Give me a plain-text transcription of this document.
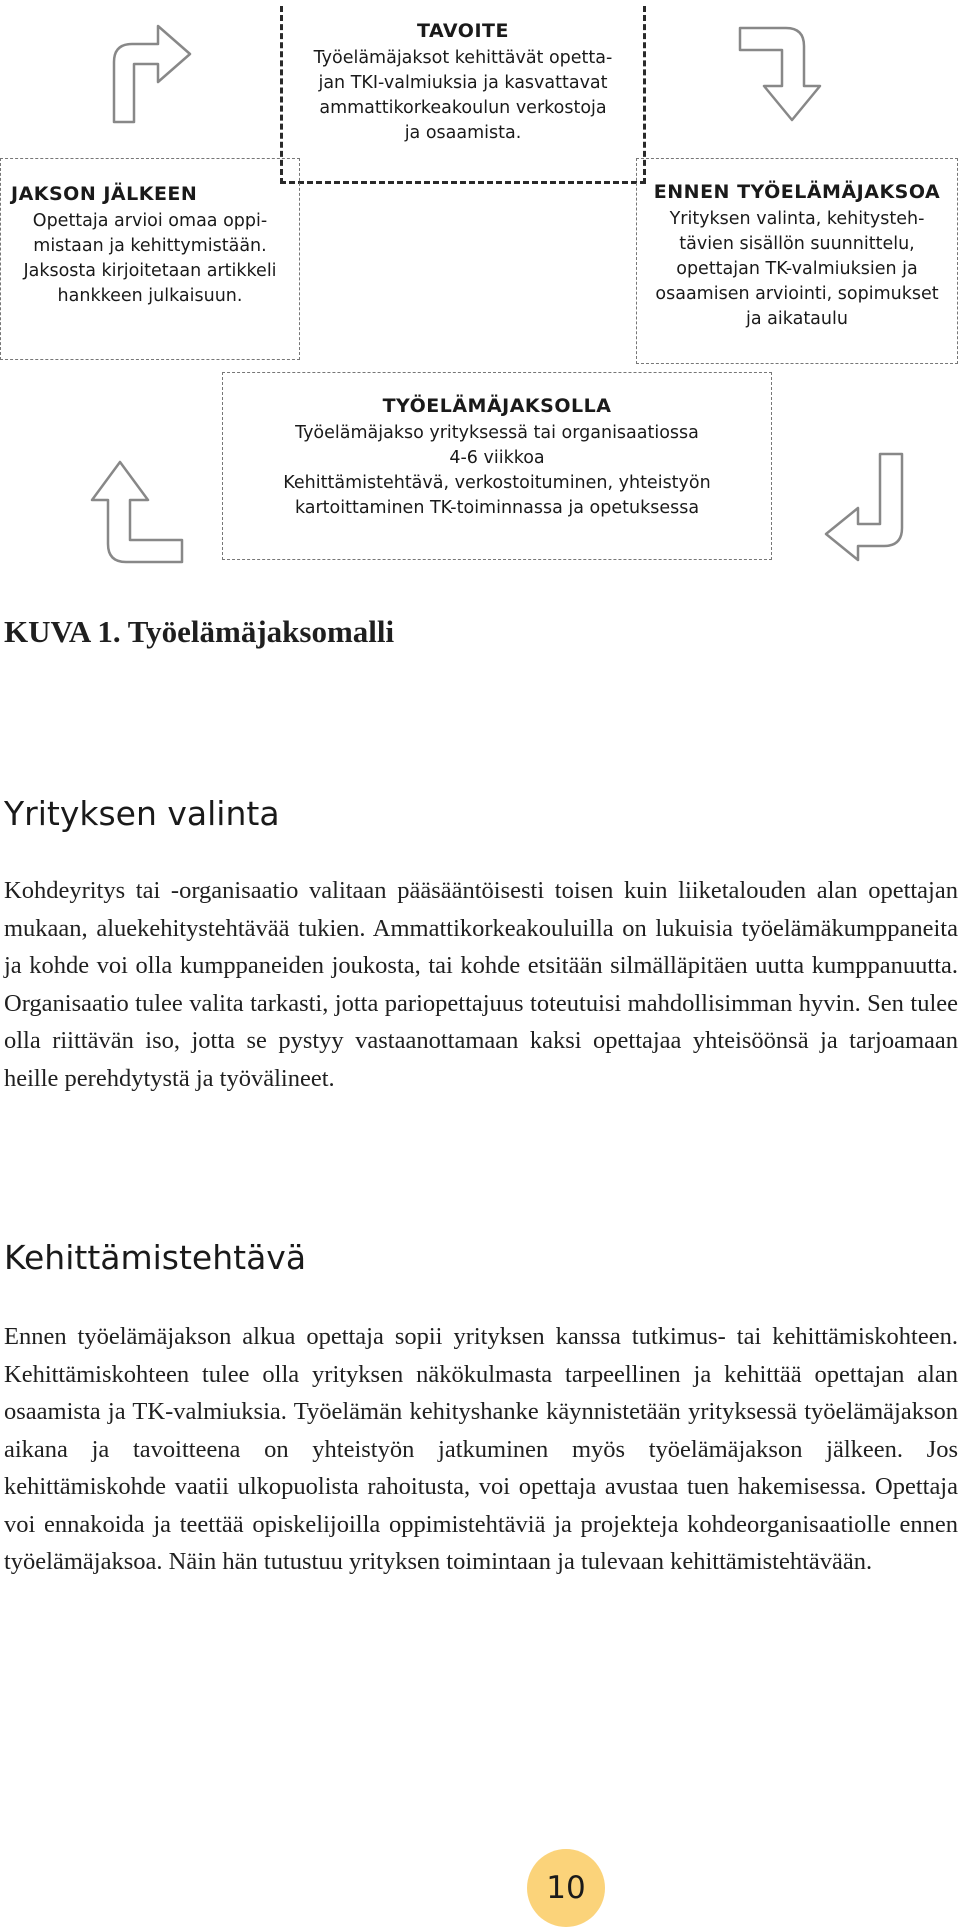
TAVOITE
Työelämäjaksot kehittävät opetta-
jan TKI-valmiuksia ja kasvattavat
ammattikorkeakoulun verkostoja
ja osaamista.
JAKSON JÄLKEEN
Opettaja arvioi omaa oppi-
mistaan ja kehittymistään.
Jaksosta kirjoitetaan artikkeli
hankkeen julkaisuun.
ENNEN TYÖELÄMÄJAKSOA
Yrityksen valinta, kehitysteh-
tävien sisällön suunnittelu,
opettajan TK-valmiuksien ja
osaamisen arviointi, sopimukset
ja aikataulu
TYÖELÄMÄJAKSOLLA
Työelämäjakso yrityksessä tai organisaatiossa
4-6 viikkoa
Kehittämistehtävä, verkostoituminen, yhteistyön
kartoittaminen TK-toiminnassa ja opetuksessa
KUVA 1. Työelämäjaksomalli
Yrityksen valinta

Kohdeyritys tai -organisaatio valitaan pääsääntöisesti toisen kuin liiketalouden alan opettajan mukaan, aluekehitystehtävää tukien. Ammattikorkeakouluilla on lukuisia työelämäkumppaneita ja kohde voi olla kumppaneiden joukosta, tai kohde etsitään silmälläpitäen uutta kumppanuutta. Organisaatio tulee valita tarkasti, jotta pariopettajuus toteutuisi mahdollisimman hyvin. Sen tulee olla riittävän iso, jotta se pystyy vastaanottamaan kaksi opettajaa yhteisöönsä ja tarjoamaan heille perehdytystä ja työvälineet.

Kehittämistehtävä

Ennen työelämäjakson alkua opettaja sopii yrityksen kanssa tutkimus- tai kehittämiskohteen. Kehittämiskohteen tulee olla yrityksen näkökulmasta tarpeellinen ja kehittää opettajan alan osaamista ja TK-valmiuksia. Työelämän kehityshanke käynnistetään yrityksessä työelämäjakson aikana ja tavoitteena on yhteistyön jatkuminen myös työelämäjakson jälkeen. Jos kehittämiskohde vaatii ulkopuolista rahoitusta, voi opettaja avustaa tuen hakemisessa. Opettaja voi ennakoida ja teettää opiskelijoilla oppimistehtäviä ja projekteja kohdeorganisaatiolle ennen työelämäjaksoa. Näin hän tutustuu yrityksen toimintaan ja tulevaan kehittämistehtävään.

10
